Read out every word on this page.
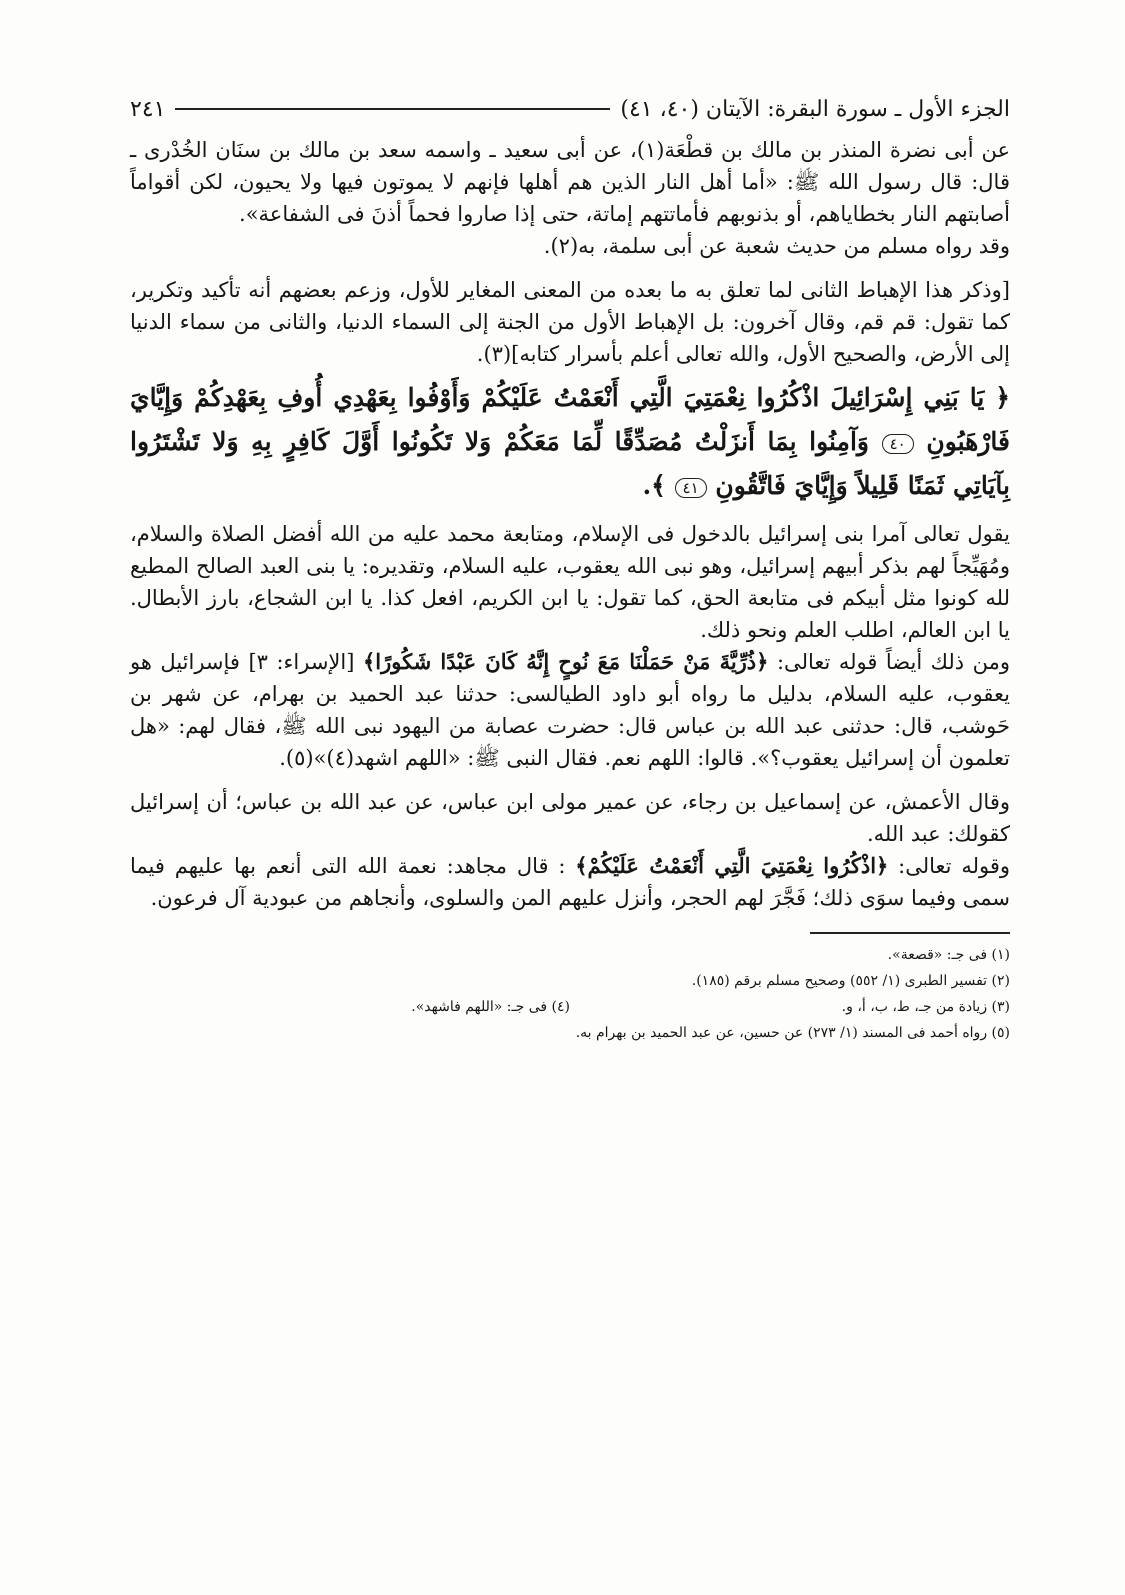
الجزء الأول ـ سورة البقرة: الآيتان (٤٠، ٤١)
٢٤١

عن أبى نضرة المنذر بن مالك بن قطْعَة(١)، عن أبى سعيد ـ واسمه سعد بن مالك بن سنَان الخُدْرى ـ قال: قال رسول الله ﷺ: «أما أهل النار الذين هم أهلها فإنهم لا يموتون فيها ولا يحيون، لكن أقواماً أصابتهم النار بخطاياهم، أو بذنوبهم فأماتتهم إماتة، حتى إذا صاروا فحماً أذنَ فى الشفاعة».

وقد رواه مسلم من حديث شعبة عن أبى سلمة، به(٢).

[وذكر هذا الإهباط الثانى لما تعلق به ما بعده من المعنى المغاير للأول، وزعم بعضهم أنه تأكيد وتكرير، كما تقول: قم قم، وقال آخرون: بل الإهباط الأول من الجنة إلى السماء الدنيا، والثانى من سماء الدنيا إلى الأرض، والصحيح الأول، والله تعالى أعلم بأسرار كتابه](٣).

﴿ يَا بَنِي إِسْرَائِيلَ اذْكُرُوا نِعْمَتِيَ الَّتِي أَنْعَمْتُ عَلَيْكُمْ وَأَوْفُوا بِعَهْدِي أُوفِ بِعَهْدِكُمْ وَإِيَّايَ فَارْهَبُونِ ٤٠ وَآمِنُوا بِمَا أَنزَلْتُ مُصَدِّقًا لِّمَا مَعَكُمْ وَلا تَكُونُوا أَوَّلَ كَافِرٍ بِهِ وَلا تَشْتَرُوا بِآيَاتِي ثَمَنًا قَلِيلاً وَإِيَّايَ فَاتَّقُونِ ٤١ ﴾.

يقول تعالى آمرا بنى إسرائيل بالدخول فى الإسلام، ومتابعة محمد عليه من الله أفضل الصلاة والسلام، ومُهَيِّجاً لهم بذكر أبيهم إسرائيل، وهو نبى الله يعقوب، عليه السلام، وتقديره: يا بنى العبد الصالح المطيع لله كونوا مثل أبيكم فى متابعة الحق، كما تقول: يا ابن الكريم، افعل كذا. يا ابن الشجاع، بارز الأبطال. يا ابن العالم، اطلب العلم ونحو ذلك.

ومن ذلك أيضاً قوله تعالى: ﴿ذُرِّيَّةَ مَنْ حَمَلْنَا مَعَ نُوحٍ إِنَّهُ كَانَ عَبْدًا شَكُورًا﴾ [الإسراء: ٣] فإسرائيل هو يعقوب، عليه السلام، بدليل ما رواه أبو داود الطيالسى: حدثنا عبد الحميد بن بهرام، عن شهر بن حَوشب، قال: حدثنى عبد الله بن عباس قال: حضرت عصابة من اليهود نبى الله ﷺ، فقال لهم: «هل تعلمون أن إسرائيل يعقوب؟». قالوا: اللهم نعم. فقال النبى ﷺ: «اللهم اشهد(٤)»(٥).

وقال الأعمش، عن إسماعيل بن رجاء، عن عمير مولى ابن عباس، عن عبد الله بن عباس؛ أن إسرائيل كقولك: عبد الله.

وقوله تعالى: ﴿اذْكُرُوا نِعْمَتِيَ الَّتِي أَنْعَمْتُ عَلَيْكُمْ﴾ : قال مجاهد: نعمة الله التى أنعم بها عليهم فيما سمى وفيما سوَى ذلك؛ فَجَّرَ لهم الحجر، وأنزل عليهم المن والسلوى، وأنجاهم من عبودية آل فرعون.

(١) فى جـ: «قصعة».

(٢) تفسير الطبرى (١/ ٥٥٢) وصحيح مسلم برقم (١٨٥).

(٣) زيادة من جـ، ط، ب، أ، و.

(٤) فى جـ: «اللهم فاشهد».

(٥) رواه أحمد فى المسند (١/ ٢٧٣) عن حسين، عن عبد الحميد بن بهرام به.
